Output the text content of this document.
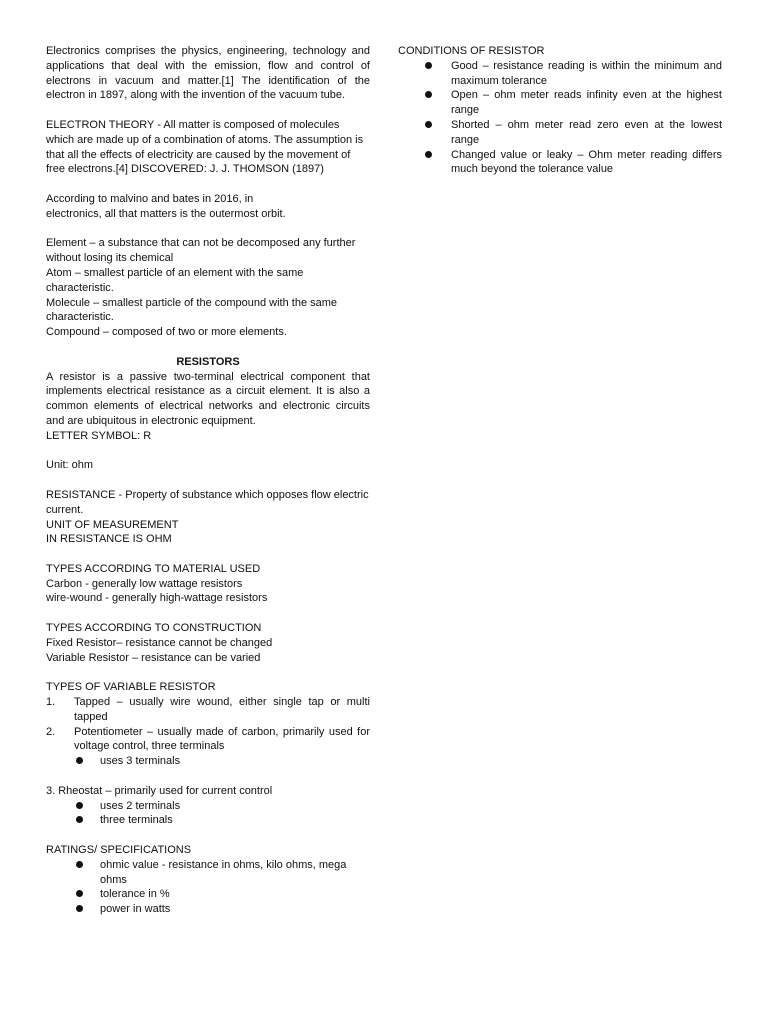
Electronics comprises the physics, engineering, technology and applications that deal with the emission, flow and control of electrons in vacuum and matter.[1] The identification of the electron in 1897, along with the invention of the vacuum tube.

ELECTRON THEORY - All matter is composed of molecules which are made up of a combination of atoms. The assumption is that all the effects of electricity are caused by the movement of free electrons.[4] DISCOVERED: J. J. THOMSON (1897)

According to malvino and bates in 2016, in

electronics, all that matters is the outermost orbit.

Element – a substance that can not be decomposed any further without losing its chemical

Atom – smallest particle of an element with the same characteristic.

Molecule – smallest particle of the compound with the same characteristic.

Compound – composed of two or more elements.

RESISTORS

A resistor is a passive two-terminal electrical component that implements electrical resistance as a circuit element. It is also a common elements of electrical networks and electronic circuits and are ubiquitous in electronic equipment.

LETTER SYMBOL: R

Unit: ohm

RESISTANCE - Property of substance which opposes flow electric current.

UNIT OF MEASUREMENT

IN RESISTANCE IS OHM

TYPES ACCORDING TO MATERIAL USED

Carbon - generally low wattage resistors

wire-wound - generally high-wattage resistors

TYPES ACCORDING TO CONSTRUCTION

Fixed Resistor– resistance cannot be changed

Variable Resistor – resistance can be varied

TYPES OF VARIABLE RESISTOR

1. Tapped – usually wire wound, either single tap or multi tapped
2. Potentiometer – usually made of carbon, primarily used for voltage control, three terminals
uses 3 terminals

3. Rheostat – primarily used for current control

uses 2 terminals
three terminals

RATINGS/ SPECIFICATIONS

ohmic value - resistance in ohms, kilo ohms, mega ohms
tolerance in %
power in watts

CONDITIONS OF RESISTOR

Good – resistance reading is within the minimum and maximum tolerance
Open – ohm meter reads infinity even at the highest range
Shorted – ohm meter read zero even at the lowest range
Changed value or leaky – Ohm meter reading differs much beyond the tolerance value
